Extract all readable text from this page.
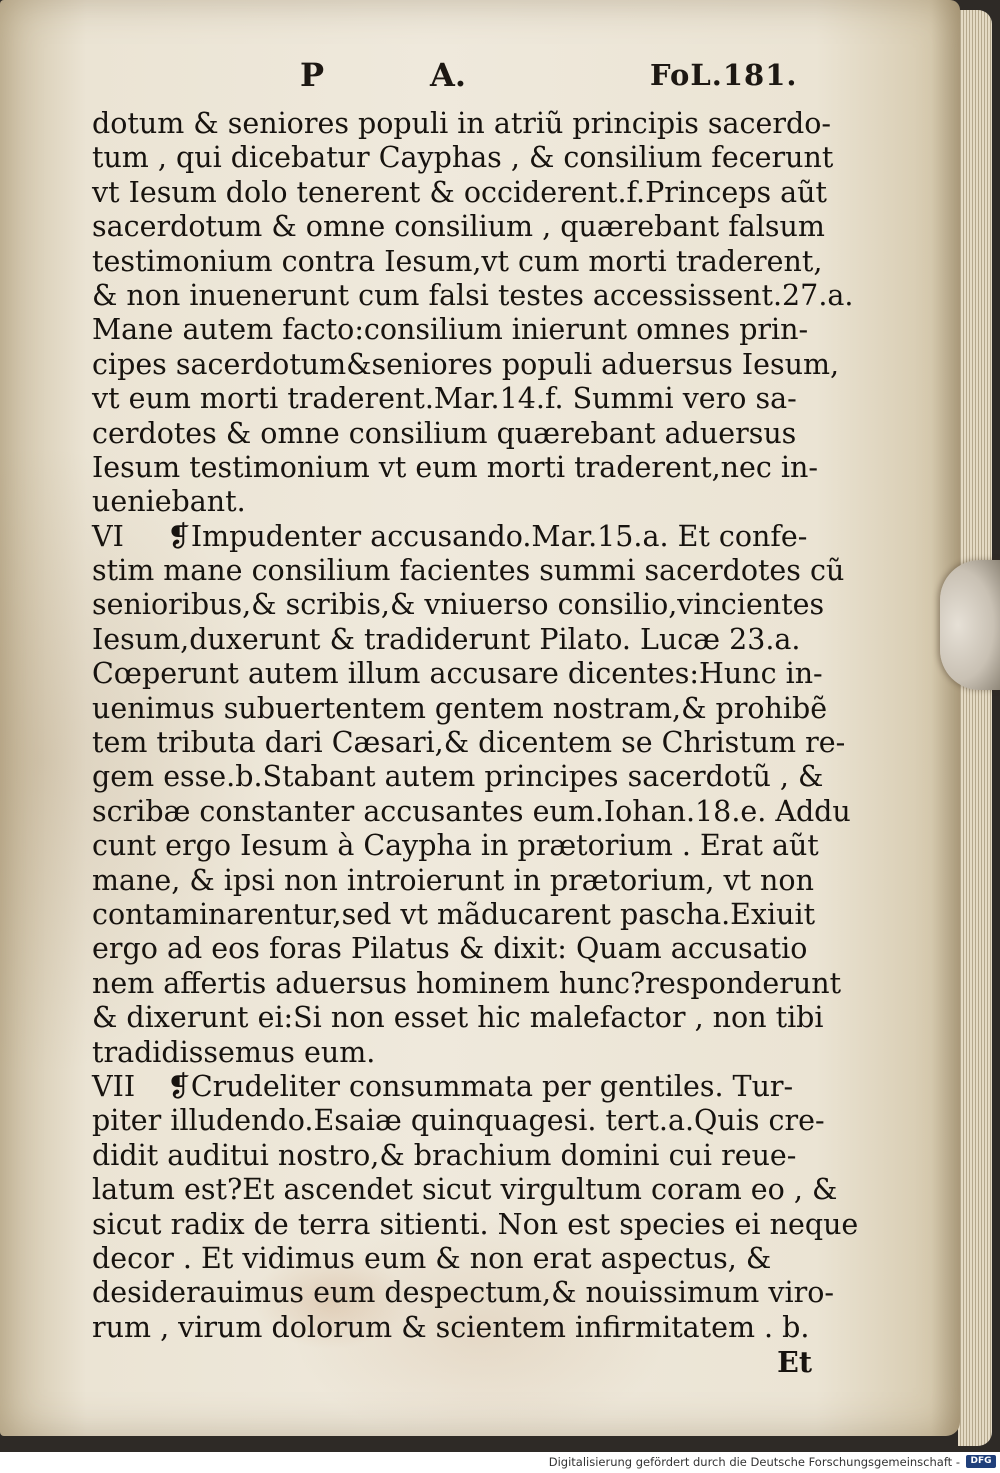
P	A.	FoL.181.
dotum & seniores populi in atriũ principis sacerdo-
tum , qui dicebatur Cayphas , & consilium fecerunt
vt Iesum dolo tenerent & occiderent.f.Princeps aũt
sacerdotum & omne consilium , quærebant falsum
testimonium contra Iesum,vt cum morti traderent,
& non inuenerunt cum falsi testes accessissent.27.a.
Mane autem facto:consilium inierunt omnes prin-
cipes sacerdotum&seniores populi aduersus Iesum,
vt eum morti traderent.Mar.14.f. Summi vero sa-
cerdotes & omne consilium quærebant aduersus
Iesum testimonium vt eum morti traderent,nec in-
ueniebant.
VI ❡Impudenter accusando.Mar.15.a. Et confe-
stim mane consilium facientes summi sacerdotes cũ
senioribus,& scribis,& vniuerso consilio,vincientes
Iesum,duxerunt & tradiderunt Pilato. Lucæ 23.a.
Cœperunt autem illum accusare dicentes:Hunc in-
uenimus subuertentem gentem nostram,& prohibẽ
tem tributa dari Cæsari,& dicentem se Christum re-
gem esse.b.Stabant autem principes sacerdotũ , &
scribæ constanter accusantes eum.Iohan.18.e. Addu
cunt ergo Iesum à Caypha in prætorium . Erat aũt
mane, & ipsi non introierunt in prætorium, vt non
contaminarentur,sed vt mãducarent pascha.Exiuit
ergo ad eos foras Pilatus & dixit: Quam accusatio
nem affertis aduersus hominem hunc?responderunt
& dixerunt ei:Si non esset hic malefactor , non tibi
tradidissemus eum.
VII ❡Crudeliter consummata per gentiles. Tur-
piter illudendo.Esaiæ quinquagesi. tert.a.Quis cre-
didit auditui nostro,& brachium domini cui reue-
latum est?Et ascendet sicut virgultum coram eo , &
sicut radix de terra sitienti. Non est species ei neque
decor . Et vidimus eum & non erat aspectus, &
desiderauimus eum despectum,& nouissimum viro-
rum , virum dolorum & scientem infirmitatem . b.
Et
Digitalisierung gefördert durch die Deutsche Forschungsgemeinschaft -	DFG
